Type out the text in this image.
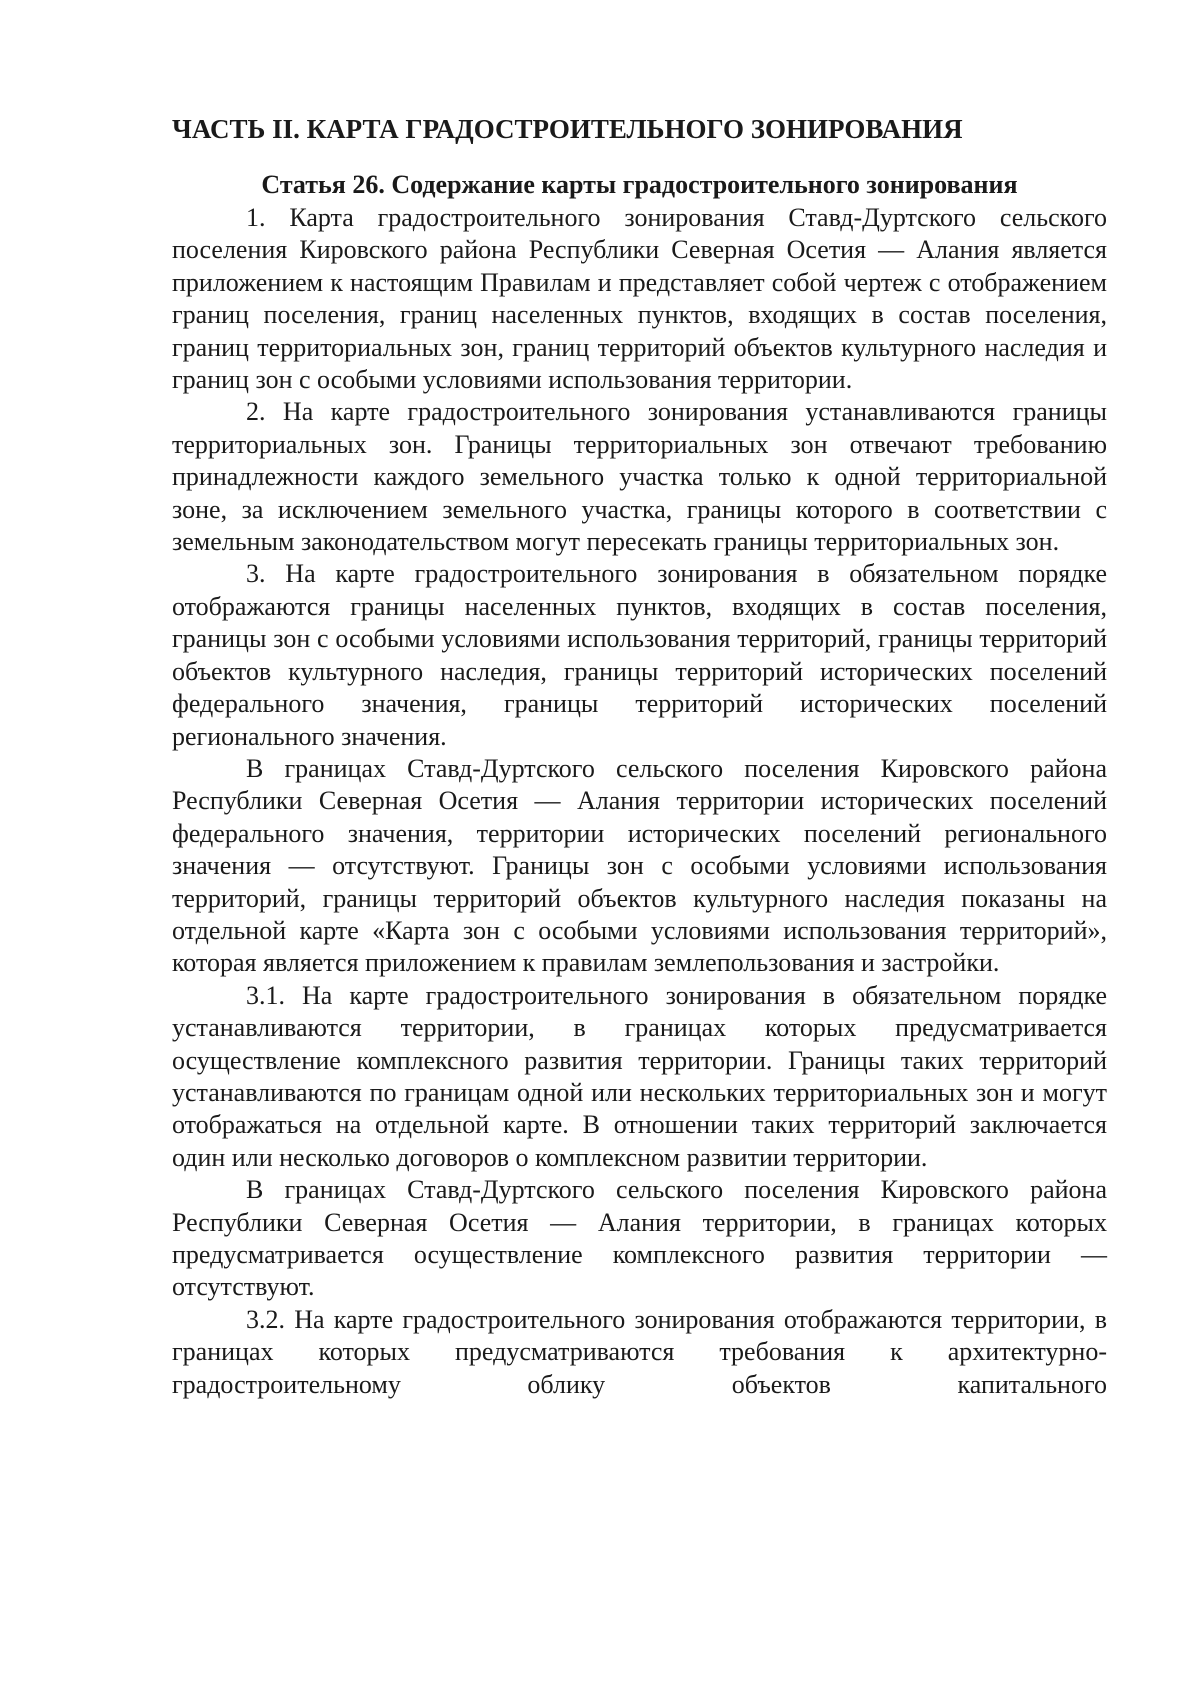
ЧАСТЬ II. КАРТА ГРАДОСТРОИТЕЛЬНОГО ЗОНИРОВАНИЯ
Статья 26. Содержание карты градостроительного зонирования

1. Карта градостроительного зонирования Ставд-Дуртского сельского поселения Кировского района Республики Северная Осетия — Алания является приложением к настоящим Правилам и представляет собой чертеж с отображением границ поселения, границ населенных пунктов, входящих в состав поселения, границ территориальных зон, границ территорий объектов культурного наследия и границ зон с особыми условиями использования территории.

2. На карте градостроительного зонирования устанавливаются границы территориальных зон. Границы территориальных зон отвечают требованию принадлежности каждого земельного участка только к одной территориальной зоне, за исключением земельного участка, границы которого в соответствии с земельным законодательством могут пересекать границы территориальных зон.

3. На карте градостроительного зонирования в обязательном порядке отображаются границы населенных пунктов, входящих в состав поселения, границы зон с особыми условиями использования территорий, границы территорий объектов культурного наследия, границы территорий исторических поселений федерального значения, границы территорий исторических поселений регионального значения.

В границах Ставд-Дуртского сельского поселения Кировского района Республики Северная Осетия — Алания территории исторических поселений федерального значения, территории исторических поселений регионального значения — отсутствуют. Границы зон с особыми условиями использования территорий, границы территорий объектов культурного наследия показаны на отдельной карте «Карта зон с особыми условиями использования территорий», которая является приложением к правилам землепользования и застройки.

3.1. На карте градостроительного зонирования в обязательном порядке устанавливаются территории, в границах которых предусматривается осуществление комплексного развития территории. Границы таких территорий устанавливаются по границам одной или нескольких территориальных зон и могут отображаться на отдельной карте. В отношении таких территорий заключается один или несколько договоров о комплексном развитии территории.

В границах Ставд-Дуртского сельского поселения Кировского района Республики Северная Осетия — Алания территории, в границах которых предусматривается осуществление комплексного развития территории — отсутствуют.

3.2. На карте градостроительного зонирования отображаются территории, в границах которых предусматриваются требования к архитектурно-градостроительному облику объектов капитального
